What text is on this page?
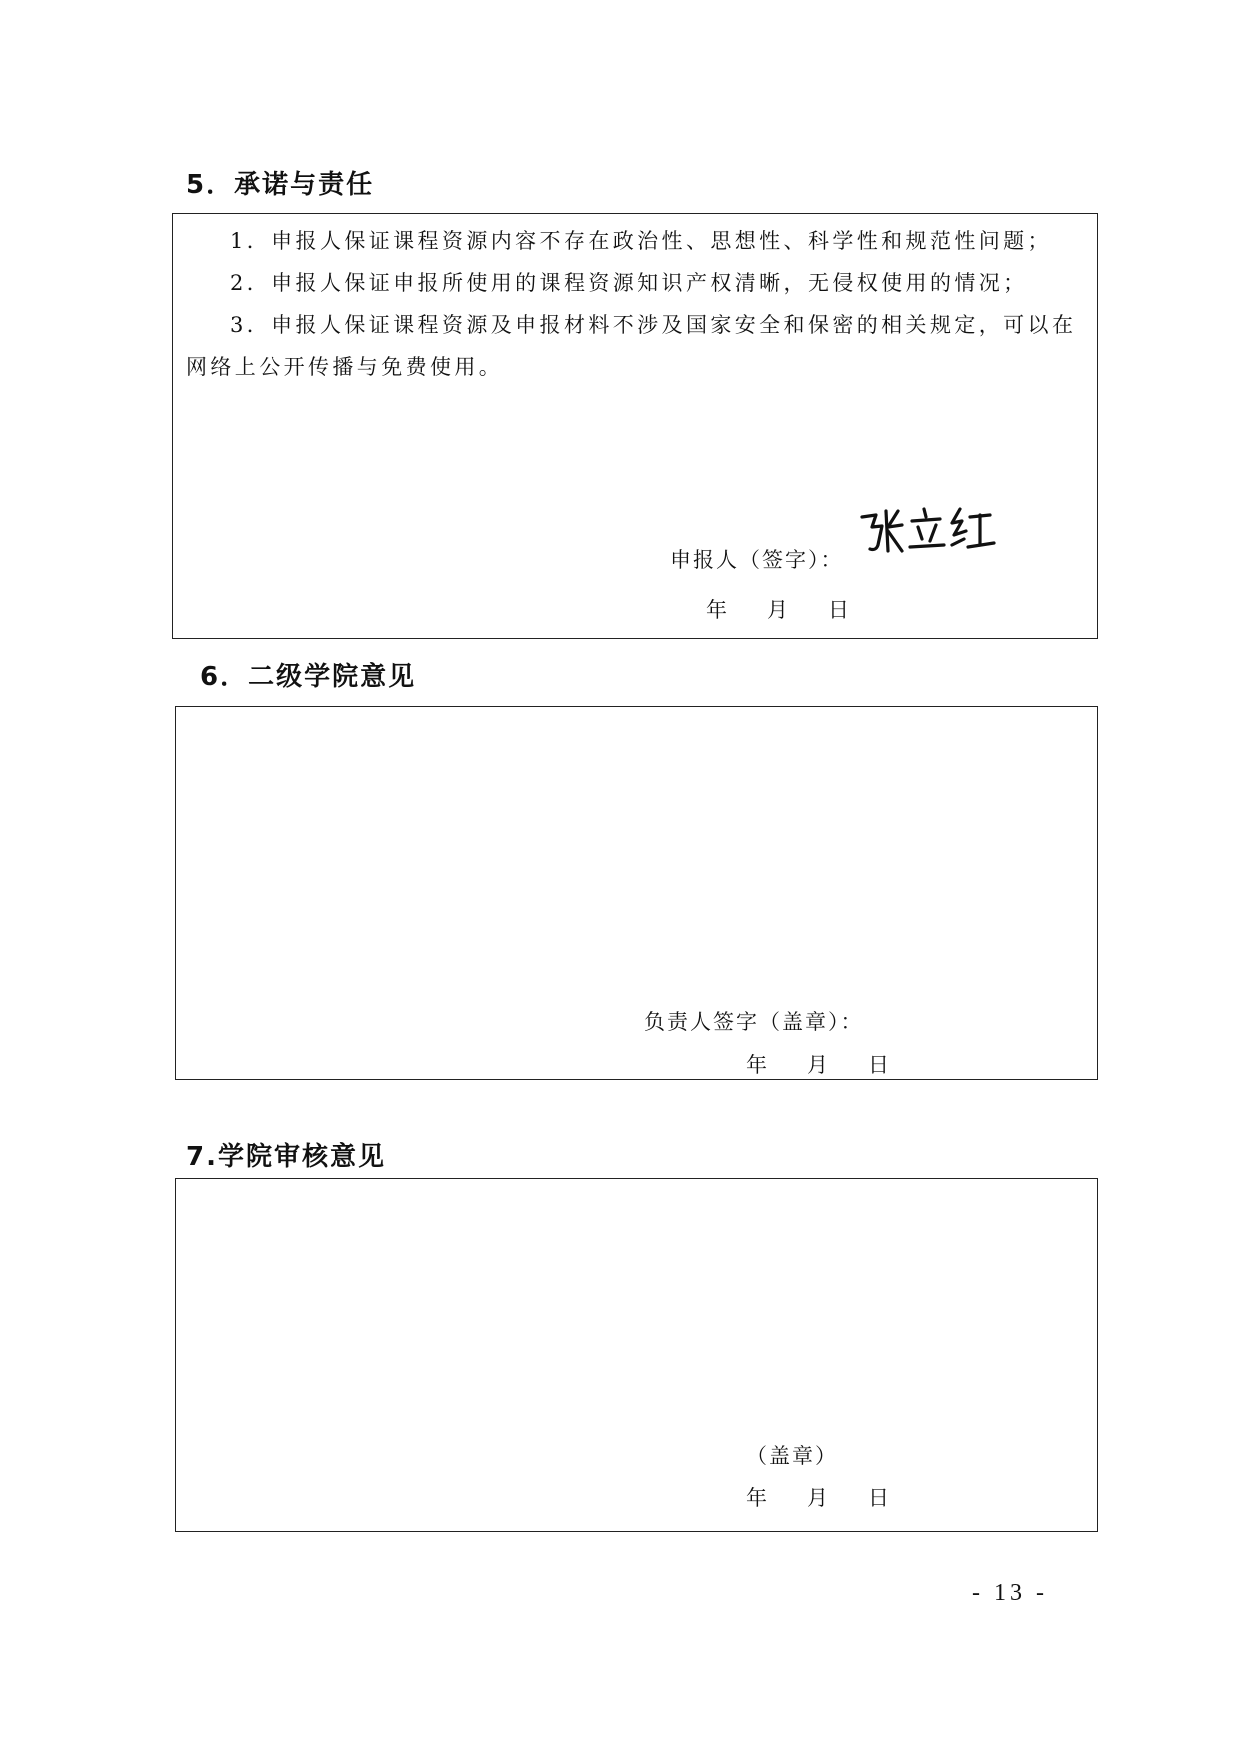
5．承诺与责任

1．申报人保证课程资源内容不存在政治性、思想性、科学性和规范性问题；

2．申报人保证申报所使用的课程资源知识产权清晰，无侵权使用的情况；

3．申报人保证课程资源及申报材料不涉及国家安全和保密的相关规定，可以在

网络上公开传播与免费使用。

申报人（签字）：
年 月 日
6．二级学院意见
负责人签字（盖章）：
年 月 日
7.学院审核意见
（盖章）
年 月 日
- 13 -
